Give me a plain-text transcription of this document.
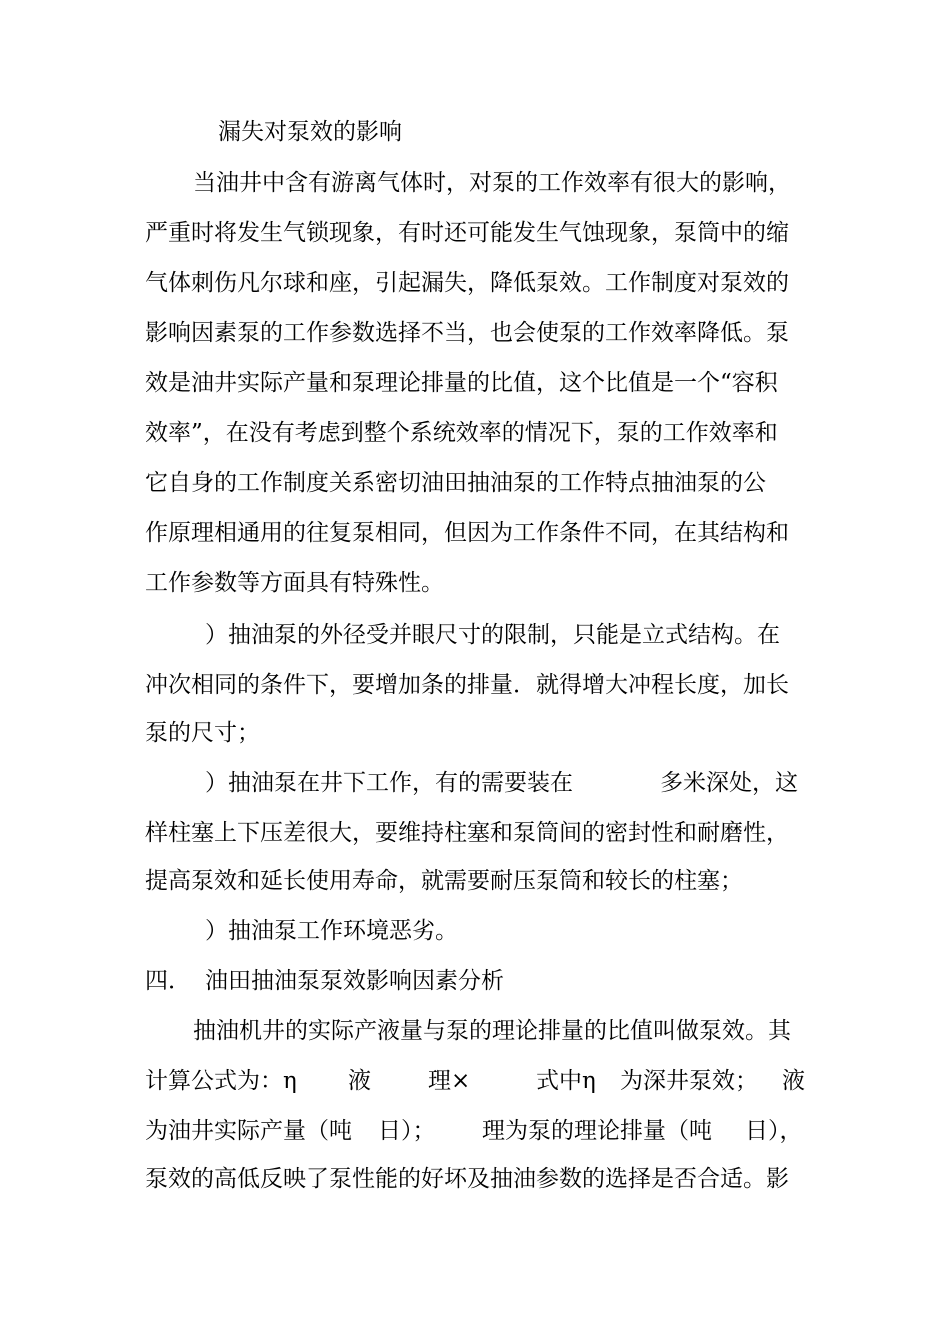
漏失对泵效的影响
当油井中含有游离气体时，对泵的工作效率有很大的影响，
严重时将发生气锁现象，有时还可能发生气蚀现象，泵筒中的缩
气体刺伤凡尔球和座，引起漏失，降低泵效。工作制度对泵效的
影响因素泵的工作参数选择不当，也会使泵的工作效率降低。泵
效是油井实际产量和泵理论排量的比值，这个比值是一个“容积
效率”，在没有考虑到整个系统效率的情况下，泵的工作效率和
它自身的工作制度关系密切油田抽油泵的工作特点抽油泵的公
作原理相通用的往复泵相同，但因为工作条件不同，在其结构和
工作参数等方面具有特殊性。
）抽油泵的外径受并眼尺寸的限制，只能是立式结构。在
冲次相同的条件下，要增加条的排量．就得增大冲程长度，加长
泵的尺寸；
）抽油泵在井下工作，有的需要装在	多米深处，这
样柱塞上下压差很大，要维持柱塞和泵筒间的密封性和耐磨性，
提高泵效和延长使用寿命，就需要耐压泵筒和较长的柱塞；
）抽油泵工作环境恶劣。
四． 油田抽油泵泵效影响因素分析
抽油机井的实际产液量与泵的理论排量的比值叫做泵效。其
计算公式为：η 液 理×	式中η 为深井泵效； 液
为油井实际产量（吨 日）； 理为泵的理论排量（吨 日），
泵效的高低反映了泵性能的好坏及抽油参数的选择是否合适。影
